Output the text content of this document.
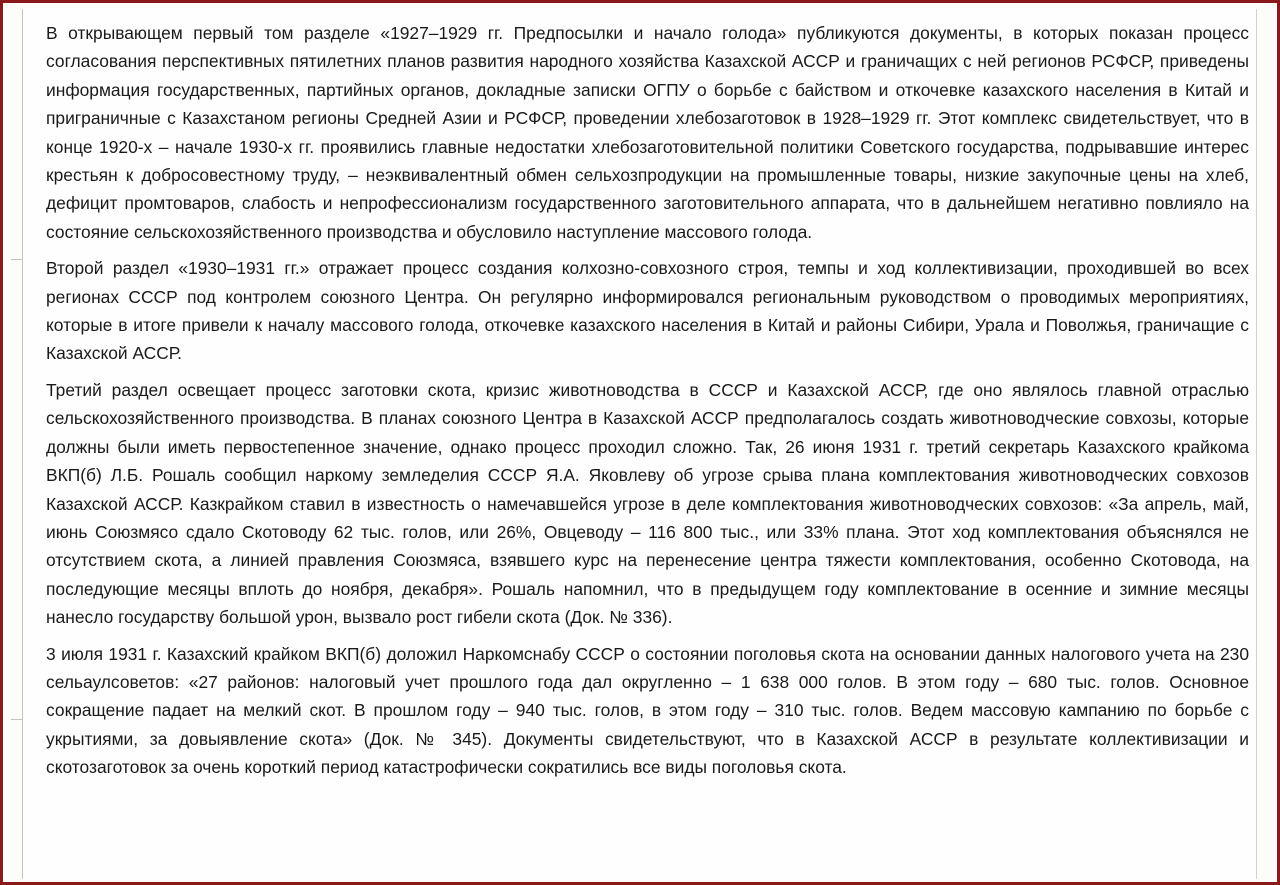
В открывающем первый том разделе «1927–1929 гг. Предпосылки и начало голода» публикуются документы, в которых показан процесс согласования перспективных пятилетних планов развития народного хозяйства Казахской АССР и граничащих с ней регионов РСФСР, приведены информация государственных, партийных органов, докладные записки ОГПУ о борьбе с байством и откочевке казахского населения в Китай и приграничные с Казахстаном регионы Средней Азии и РСФСР, проведении хлебозаготовок в 1928–1929 гг. Этот комплекс свидетельствует, что в конце 1920-х – начале 1930-х гг. проявились главные недостатки хлебозаготовительной политики Советского государства, подрывавшие интерес крестьян к добросовестному труду, – неэквивалентный обмен сельхозпродукции на промышленные товары, низкие закупочные цены на хлеб, дефицит промтоваров, слабость и непрофессионализм государственного заготовительного аппарата, что в дальнейшем негативно повлияло на состояние сельскохозяйственного производства и обусловило наступление массового голода.

Второй раздел «1930–1931 гг.» отражает процесс создания колхозно-совхозного строя, темпы и ход коллективизации, проходившей во всех регионах СССР под контролем союзного Центра. Он регулярно информировался региональным руководством о проводимых мероприятиях, которые в итоге привели к началу массового голода, откочевке казахского населения в Китай и районы Сибири, Урала и Поволжья, граничащие с Казахской АССР.

Третий раздел освещает процесс заготовки скота, кризис животноводства в СССР и Казахской АССР, где оно являлось главной отраслью сельскохозяйственного производства. В планах союзного Центра в Казахской АССР предполагалось создать животноводческие совхозы, которые должны были иметь первостепенное значение, однако процесс проходил сложно. Так, 26 июня 1931 г. третий секретарь Казахского крайкома ВКП(б) Л.Б. Рошаль сообщил наркому земледелия СССР Я.А. Яковлеву об угрозе срыва плана комплектования животноводческих совхозов Казахской АССР. Казкрайком ставил в известность о намечавшейся угрозе в деле комплектования животноводческих совхозов: «За апрель, май, июнь Союзмясо сдало Скотоводу 62 тыс. голов, или 26%, Овцеводу – 116 800 тыс., или 33% плана. Этот ход комплектования объяснялся не отсутствием скота, а линией правления Союзмяса, взявшего курс на перенесение центра тяжести комплектования, особенно Скотовода, на последующие месяцы вплоть до ноября, декабря». Рошаль напомнил, что в предыдущем году комплектование в осенние и зимние месяцы нанесло государству большой урон, вызвало рост гибели скота (Док. № 336).

3 июля 1931 г. Казахский крайком ВКП(б) доложил Наркомснабу СССР о состоянии поголовья скота на основании данных налогового учета на 230 сельаулсоветов: «27 районов: налоговый учет прошлого года дал округленно – 1 638 000 голов. В этом году – 680 тыс. голов. Основное сокращение падает на мелкий скот. В прошлом году – 940 тыс. голов, в этом году – 310 тыс. голов. Ведем массовую кампанию по борьбе с укрытиями, за довыявление скота» (Док. № 345). Документы свидетельствуют, что в Казахской АССР в результате коллективизации и скотозаготовок за очень короткий период катастрофически сократились все виды поголовья скота.
